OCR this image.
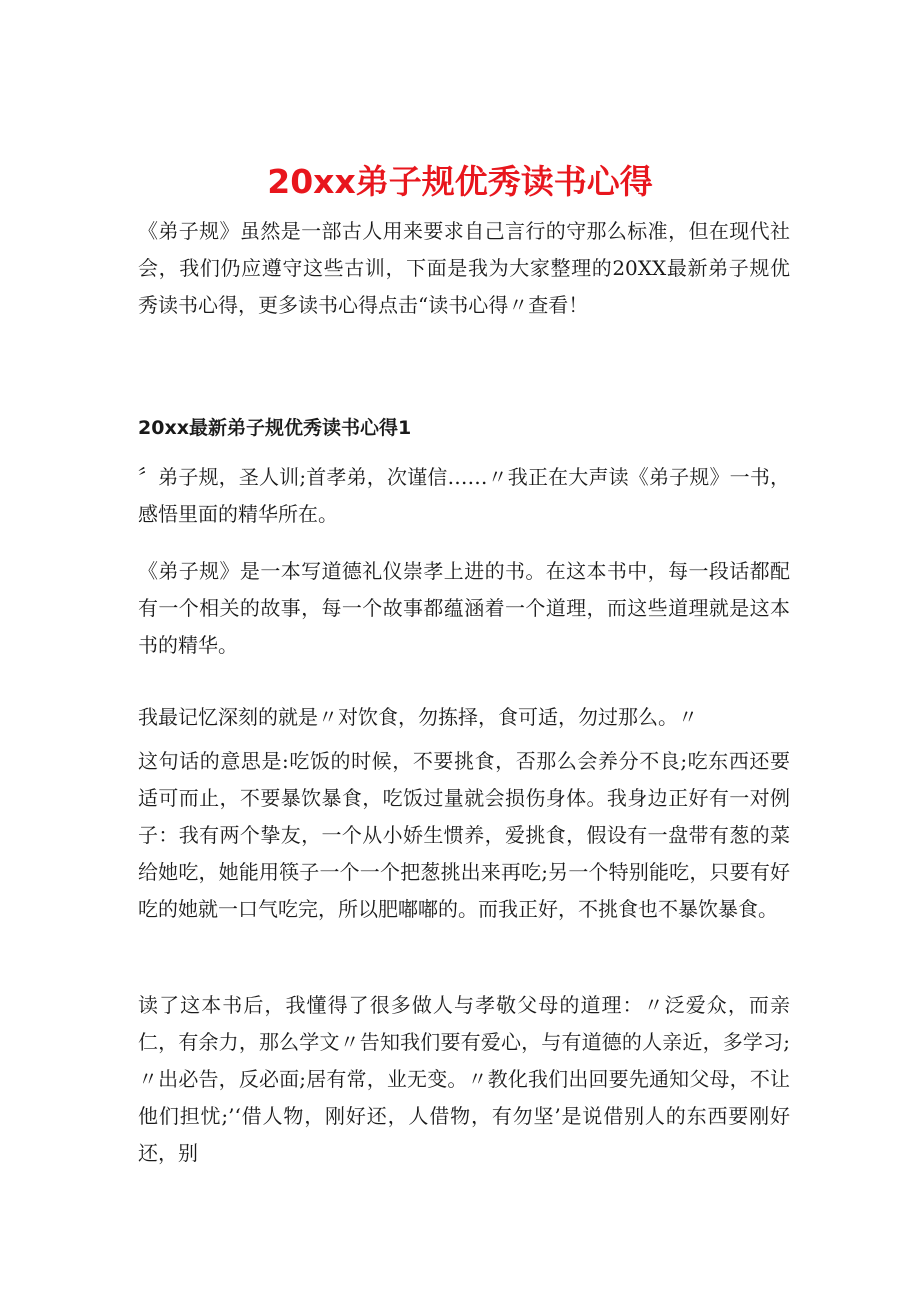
20xx弟子规优秀读书心得

《弟子规》虽然是一部古人用来要求自己言行的守那么标准，但在现代社会，我们仍应遵守这些古训，下面是我为大家整理的20XX最新弟子规优秀读书心得，更多读书心得点击“读书心得〃查看！

20xx最新弟子规优秀读书心得1

〞弟子规，圣人训;首孝弟，次谨信……〃我正在大声读《弟子规》一书，感悟里面的精华所在。

《弟子规》是一本写道德礼仪崇孝上进的书。在这本书中，每一段话都配有一个相关的故事，每一个故事都蕴涵着一个道理，而这些道理就是这本书的精华。

我最记忆深刻的就是〃对饮食，勿拣择，食可适，勿过那么。〃

这句话的意思是:吃饭的时候，不要挑食，否那么会养分不良;吃东西还要适可而止，不要暴饮暴食，吃饭过量就会损伤身体。我身边正好有一对例子：我有两个挚友，一个从小娇生惯养，爱挑食，假设有一盘带有葱的菜给她吃，她能用筷子一个一个把葱挑出来再吃;另一个特别能吃，只要有好吃的她就一口气吃完，所以肥嘟嘟的。而我正好，不挑食也不暴饮暴食。

读了这本书后，我懂得了很多做人与孝敬父母的道理：〃泛爱众，而亲仁，有余力，那么学文〃告知我们要有爱心，与有道德的人亲近，多学习;〃出必告，反必面;居有常，业无变。〃教化我们出回要先通知父母，不让他们担忧;’‘借人物，刚好还，人借物，有勿坚’是说借别人的东西要刚好还，别
